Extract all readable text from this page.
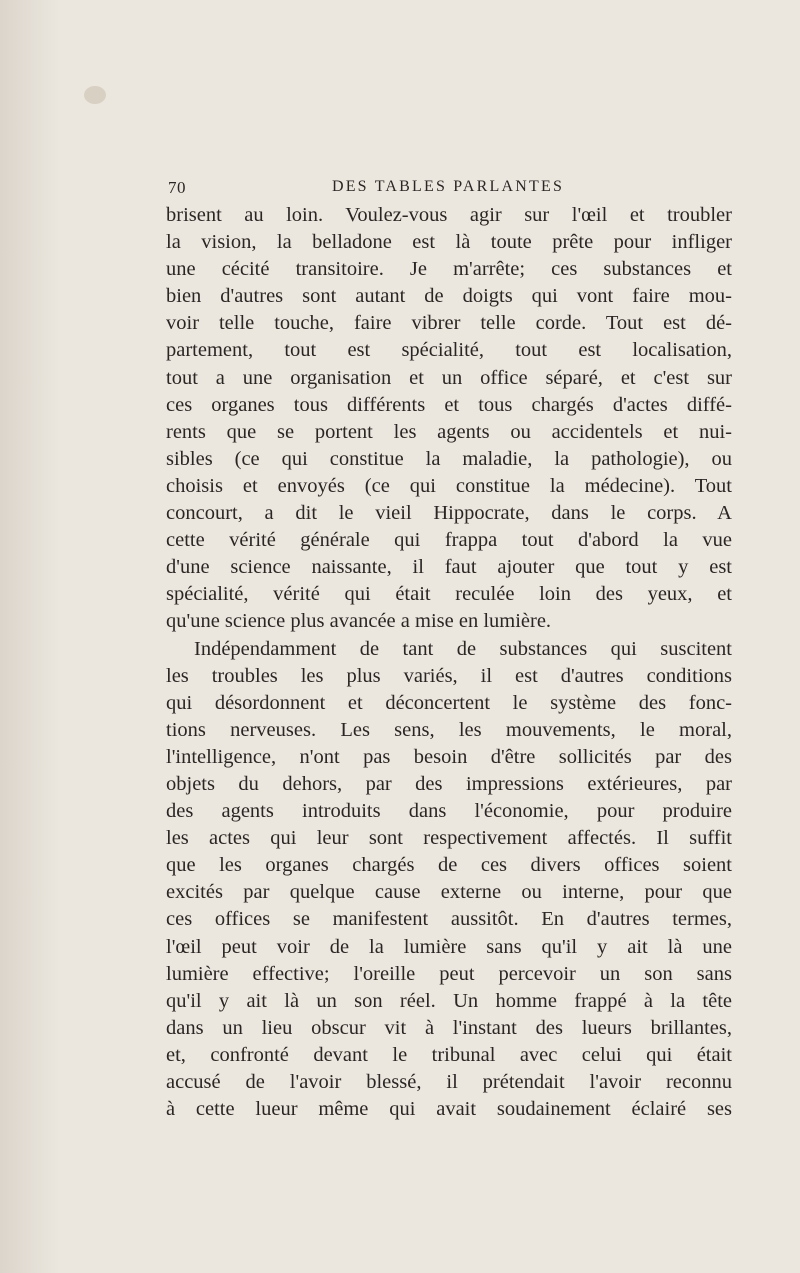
70	DES TABLES PARLANTES
brisent au loin. Voulez-vous agir sur l'œil et troubler
la vision, la belladone est là toute prête pour infliger
une cécité transitoire. Je m'arrête; ces substances et
bien d'autres sont autant de doigts qui vont faire mou-
voir telle touche, faire vibrer telle corde. Tout est dé-
partement, tout est spécialité, tout est localisation,
tout a une organisation et un office séparé, et c'est sur
ces organes tous différents et tous chargés d'actes diffé-
rents que se portent les agents ou accidentels et nui-
sibles (ce qui constitue la maladie, la pathologie), ou
choisis et envoyés (ce qui constitue la médecine). Tout
concourt, a dit le vieil Hippocrate, dans le corps. A
cette vérité générale qui frappa tout d'abord la vue
d'une science naissante, il faut ajouter que tout y est
spécialité, vérité qui était reculée loin des yeux, et
qu'une science plus avancée a mise en lumière.
Indépendamment de tant de substances qui suscitent
les troubles les plus variés, il est d'autres conditions
qui désordonnent et déconcertent le système des fonc-
tions nerveuses. Les sens, les mouvements, le moral,
l'intelligence, n'ont pas besoin d'être sollicités par des
objets du dehors, par des impressions extérieures, par
des agents introduits dans l'économie, pour produire
les actes qui leur sont respectivement affectés. Il suffit
que les organes chargés de ces divers offices soient
excités par quelque cause externe ou interne, pour que
ces offices se manifestent aussitôt. En d'autres termes,
l'œil peut voir de la lumière sans qu'il y ait là une
lumière effective; l'oreille peut percevoir un son sans
qu'il y ait là un son réel. Un homme frappé à la tête
dans un lieu obscur vit à l'instant des lueurs brillantes,
et, confronté devant le tribunal avec celui qui était
accusé de l'avoir blessé, il prétendait l'avoir reconnu
à cette lueur même qui avait soudainement éclairé ses
